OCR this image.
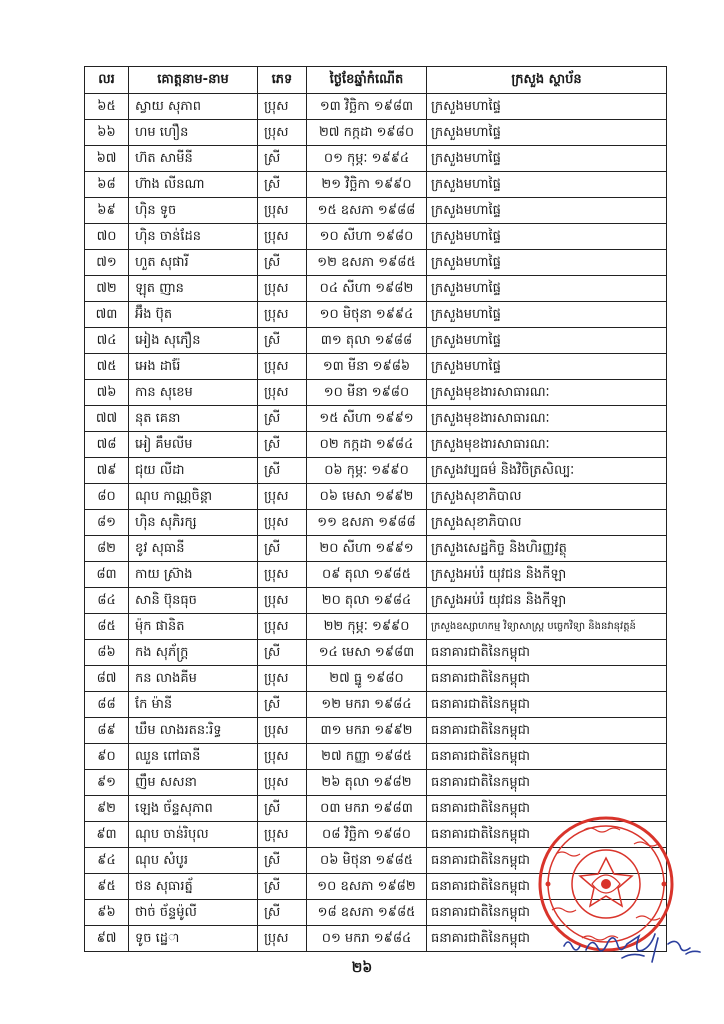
លរ	គោត្តនាម-នាម	ភេទ	ថ្ងៃខែឆ្នាំកំណើត	ក្រសួង ស្ថាប័ន
៦៥	ស្វាយ សុភាព	ប្រុស	១៣ វិច្ឆិកា ១៩៨៣	ក្រសួងមហាផ្ទៃ
៦៦	ហម ហឿន	ប្រុស	២៧ កក្កដា ១៩៨០	ក្រសួងមហាផ្ទៃ
៦៧	ហ៊ត សាមីនី	ស្រី	០១ កុម្ភៈ ១៩៩៤	ក្រសួងមហាផ្ទៃ
៦៨	ហ៊ាង លីនណា	ស្រី	២១ វិច្ឆិកា ១៩៩០	ក្រសួងមហាផ្ទៃ
៦៩	ហ៊ិន ទូច	ប្រុស	១៥ ឧសភា ១៩៨៨	ក្រសួងមហាផ្ទៃ
៧០	ហ៊ិន ចាន់ដែន	ប្រុស	១០ សីហា ១៩៨០	ក្រសួងមហាផ្ទៃ
៧១	ហួត សុផារី	ស្រី	១២ ឧសភា ១៩៨៥	ក្រសួងមហាផ្ទៃ
៧២	ឡុត ញាន	ប្រុស	០៤ សីហា ១៩៨២	ក្រសួងមហាផ្ទៃ
៧៣	អ៊ឹង ប៊ុត	ប្រុស	១០ មិថុនា ១៩៩៤	ក្រសួងមហាផ្ទៃ
៧៤	អៀង សុភឿន	ស្រី	៣១ តុលា ១៩៨៨	ក្រសួងមហាផ្ទៃ
៧៥	អេង ដារ៉ែ	ប្រុស	១៣ មីនា ១៩៨៦	ក្រសួងមហាផ្ទៃ
៧៦	កាន សុខេម	ប្រុស	១០ មីនា ១៩៨០	ក្រសួងមុខងារសាធារណៈ
៧៧	នុត គេនា	ស្រី	១៥ សីហា ១៩៩១	ក្រសួងមុខងារសាធារណៈ
៧៨	អៀ គឹមលីម	ស្រី	០២ កក្កដា ១៩៨៤	ក្រសួងមុខងារសាធារណៈ
៧៩	ជុយ លីដា	ស្រី	០៦ កុម្ភៈ ១៩៩០	ក្រសួងវប្បធម៌ និងវិចិត្រសិល្បៈ
៨០	ណុប កាណ្ណចិន្តា	ប្រុស	០៦ មេសា ១៩៩២	ក្រសួងសុខាភិបាល
៨១	ហ៊ិន សុភិរក្ស	ប្រុស	១១ ឧសភា ១៩៨៨	ក្រសួងសុខាភិបាល
៨២	ខូវ សុធានី	ស្រី	២០ សីហា ១៩៩១	ក្រសួងសេដ្ឋកិច្ច និងហិរញ្ញវត្ថុ
៨៣	កាយ ស្រ៊ាង	ប្រុស	០៩ តុលា ១៩៨៥	ក្រសួងអប់រំ យុវជន និងកីឡា
៨៤	សានិ ប៊ុនធុច	ប្រុស	២០ តុលា ១៩៨៤	ក្រសួងអប់រំ យុវជន និងកីឡា
៨៥	ម៉ុក ផានិត	ប្រុស	២២ កុម្ភៈ ១៩៩០	ក្រសួងឧស្សាហកម្ម វិទ្យាសាស្ត្រ បច្ចេកវិទ្យា និងនវានុវត្តន៍
៨៦	កង សុភ័ក្រ្ត	ស្រី	១៤ មេសា ១៩៨៣	ធនាគារជាតិនៃកម្ពុជា
៨៧	កន លាងគីម	ប្រុស	២៧ ធ្នូ ១៩៨០	ធនាគារជាតិនៃកម្ពុជា
៨៨	កែ ម៉ានី	ស្រី	១២ មករា ១៩៨៤	ធនាគារជាតិនៃកម្ពុជា
៨៩	ឃឹម លាងរតនៈរិទ្ធ	ប្រុស	៣១ មករា ១៩៩២	ធនាគារជាតិនៃកម្ពុជា
៩០	ឈួន ពៅធានី	ប្រុស	២៧ កញ្ញា ១៩៨៥	ធនាគារជាតិនៃកម្ពុជា
៩១	ញឹម សសនា	ប្រុស	២៦ តុលា ១៩៨២	ធនាគារជាតិនៃកម្ពុជា
៩២	ឡេង ច័ន្ទសុភាព	ស្រី	០៣ មករា ១៩៨៣	ធនាគារជាតិនៃកម្ពុជា
៩៣	ណុប ចាន់រិបុល	ប្រុស	០៨ វិច្ឆិកា ១៩៨០	ធនាគារជាតិនៃកម្ពុជា
៩៤	ណុប សំបូរ	ស្រី	០៦ មិថុនា ១៩៨៥	ធនាគារជាតិនៃកម្ពុជា
៩៥	ថន សុធារត្ន័	ស្រី	១០ ឧសភា ១៩៨២	ធនាគារជាតិនៃកម្ពុជា
៩៦	ថាច់ ច័ន្ទម៉ូលី	ស្រី	១៨ ឧសភា ១៩៨៥	ធនាគារជាតិនៃកម្ពុជា
៩៧	ទូច ដេ្ឋា	ប្រុស	០១ មករា ១៩៨៤	ធនាគារជាតិនៃកម្ពុជា
២៦
